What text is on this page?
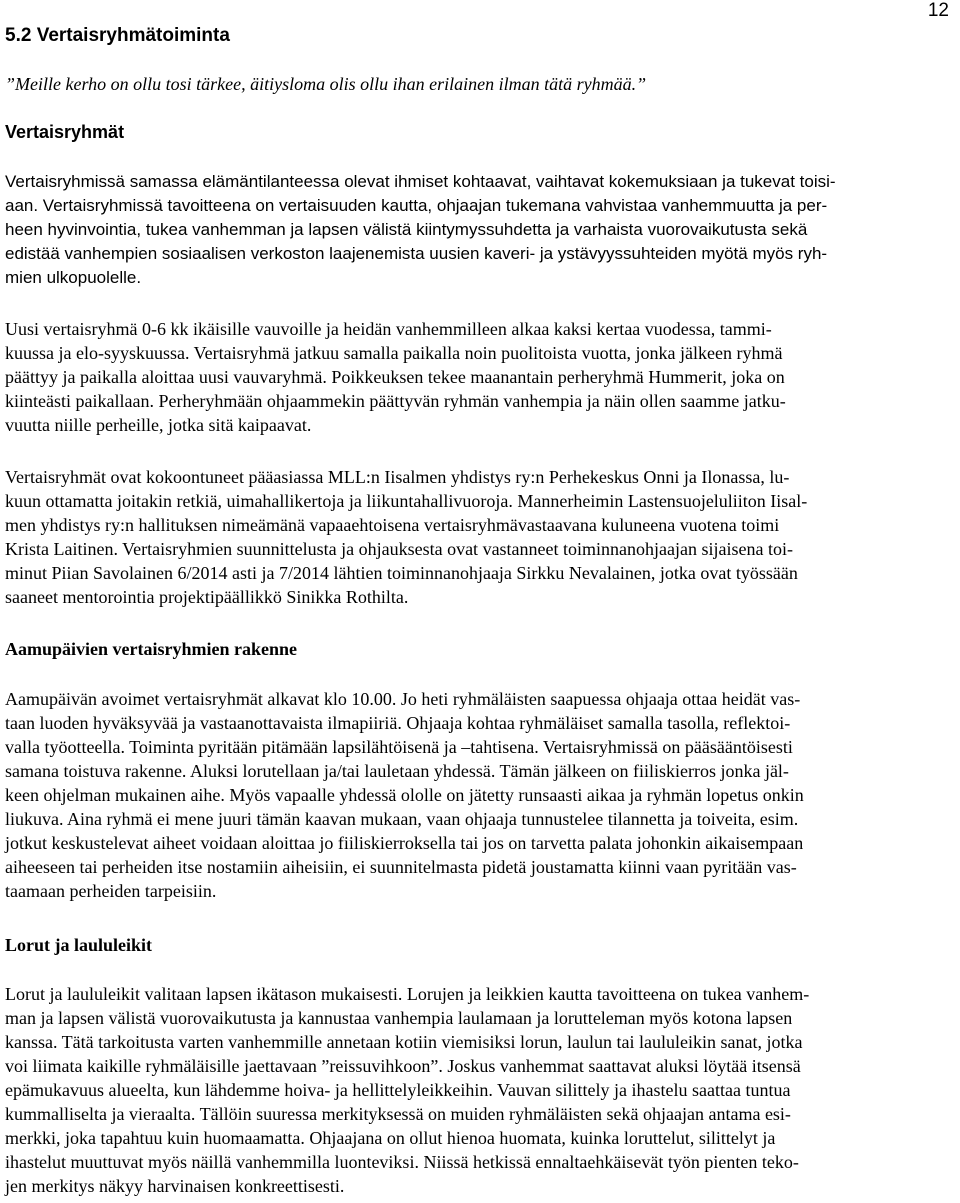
12
5.2 Vertaisryhmätoiminta

”Meille kerho on ollu tosi tärkee, äitiysloma olis ollu ihan erilainen ilman tätä ryhmää.”

Vertaisryhmät
Vertaisryhmissä samassa elämäntilanteessa olevat ihmiset kohtaavat, vaihtavat kokemuksiaan ja tukevat toisi-
aan. Vertaisryhmissä tavoitteena on vertaisuuden kautta, ohjaajan tukemana vahvistaa vanhemmuutta ja per-
heen hyvinvointia, tukea vanhemman ja lapsen välistä kiintymyssuhdetta ja varhaista vuorovaikutusta sekä
edistää vanhempien sosiaalisen verkoston laajenemista uusien kaveri- ja ystävyyssuhteiden myötä myös ryh-
mien ulkopuolelle.
Uusi vertaisryhmä 0-6 kk ikäisille vauvoille ja heidän vanhemmilleen alkaa kaksi kertaa vuodessa, tammi-
kuussa ja elo-syyskuussa. Vertaisryhmä jatkuu samalla paikalla noin puolitoista vuotta, jonka jälkeen ryhmä
päättyy ja paikalla aloittaa uusi vauvaryhmä. Poikkeuksen tekee maanantain perheryhmä Hummerit, joka on
kiinteästi paikallaan. Perheryhmään ohjaammekin päättyvän ryhmän vanhempia ja näin ollen saamme jatku-
vuutta niille perheille, jotka sitä kaipaavat.
Vertaisryhmät ovat kokoontuneet pääasiassa MLL:n Iisalmen yhdistys ry:n Perhekeskus Onni ja Ilonassa, lu-
kuun ottamatta joitakin retkiä, uimahallikertoja ja liikuntahallivuoroja. Mannerheimin Lastensuojeluliiton Iisal-
men yhdistys ry:n hallituksen nimeämänä vapaaehtoisena vertaisryhmävastaavana kuluneena vuotena toimi
Krista Laitinen. Vertaisryhmien suunnittelusta ja ohjauksesta ovat vastanneet toiminnanohjaajan sijaisena toi-
minut Piian Savolainen 6/2014 asti ja 7/2014 lähtien toiminnanohjaaja Sirkku Nevalainen, jotka ovat työssään
saaneet mentorointia projektipäällikkö Sinikka Rothilta.
Aamupäivien vertaisryhmien rakenne
Aamupäivän avoimet vertaisryhmät alkavat klo 10.00. Jo heti ryhmäläisten saapuessa ohjaaja ottaa heidät vas-
taan luoden hyväksyvää ja vastaanottavaista ilmapiiriä. Ohjaaja kohtaa ryhmäläiset samalla tasolla, reflektoi-
valla työotteella. Toiminta pyritään pitämään lapsilähtöisenä ja –tahtisena. Vertaisryhmissä on pääsääntöisesti
samana toistuva rakenne. Aluksi lorutellaan ja/tai lauletaan yhdessä. Tämän jälkeen on fiiliskierros jonka jäl-
keen ohjelman mukainen aihe. Myös vapaalle yhdessä ololle on jätetty runsaasti aikaa ja ryhmän lopetus onkin
liukuva. Aina ryhmä ei mene juuri tämän kaavan mukaan, vaan ohjaaja tunnustelee tilannetta ja toiveita, esim.
jotkut keskustelevat aiheet voidaan aloittaa jo fiiliskierroksella tai jos on tarvetta palata johonkin aikaisempaan
aiheeseen tai perheiden itse nostamiin aiheisiin, ei suunnitelmasta pidetä joustamatta kiinni vaan pyritään vas-
taamaan perheiden tarpeisiin.
Lorut ja laululeikit
Lorut ja laululeikit valitaan lapsen ikätason mukaisesti. Lorujen ja leikkien kautta tavoitteena on tukea vanhem-
man ja lapsen välistä vuorovaikutusta ja kannustaa vanhempia laulamaan ja lorutteleman myös kotona lapsen
kanssa. Tätä tarkoitusta varten vanhemmille annetaan kotiin viemisiksi lorun, laulun tai laululeikin sanat, jotka
voi liimata kaikille ryhmäläisille jaettavaan ”reissuvihkoon”. Joskus vanhemmat saattavat aluksi löytää itsensä
epämukavuus alueelta, kun lähdemme hoiva- ja hellittelyleikkeihin. Vauvan silittely ja ihastelu saattaa tuntua
kummalliselta ja vieraalta. Tällöin suuressa merkityksessä on muiden ryhmäläisten sekä ohjaajan antama esi-
merkki, joka tapahtuu kuin huomaamatta. Ohjaajana on ollut hienoa huomata, kuinka loruttelut, silittelyt ja
ihastelut muuttuvat myös näillä vanhemmilla luonteviksi. Niissä hetkissä ennaltaehkäisevät työn pienten teko-
jen merkitys näkyy harvinaisen konkreettisesti.
